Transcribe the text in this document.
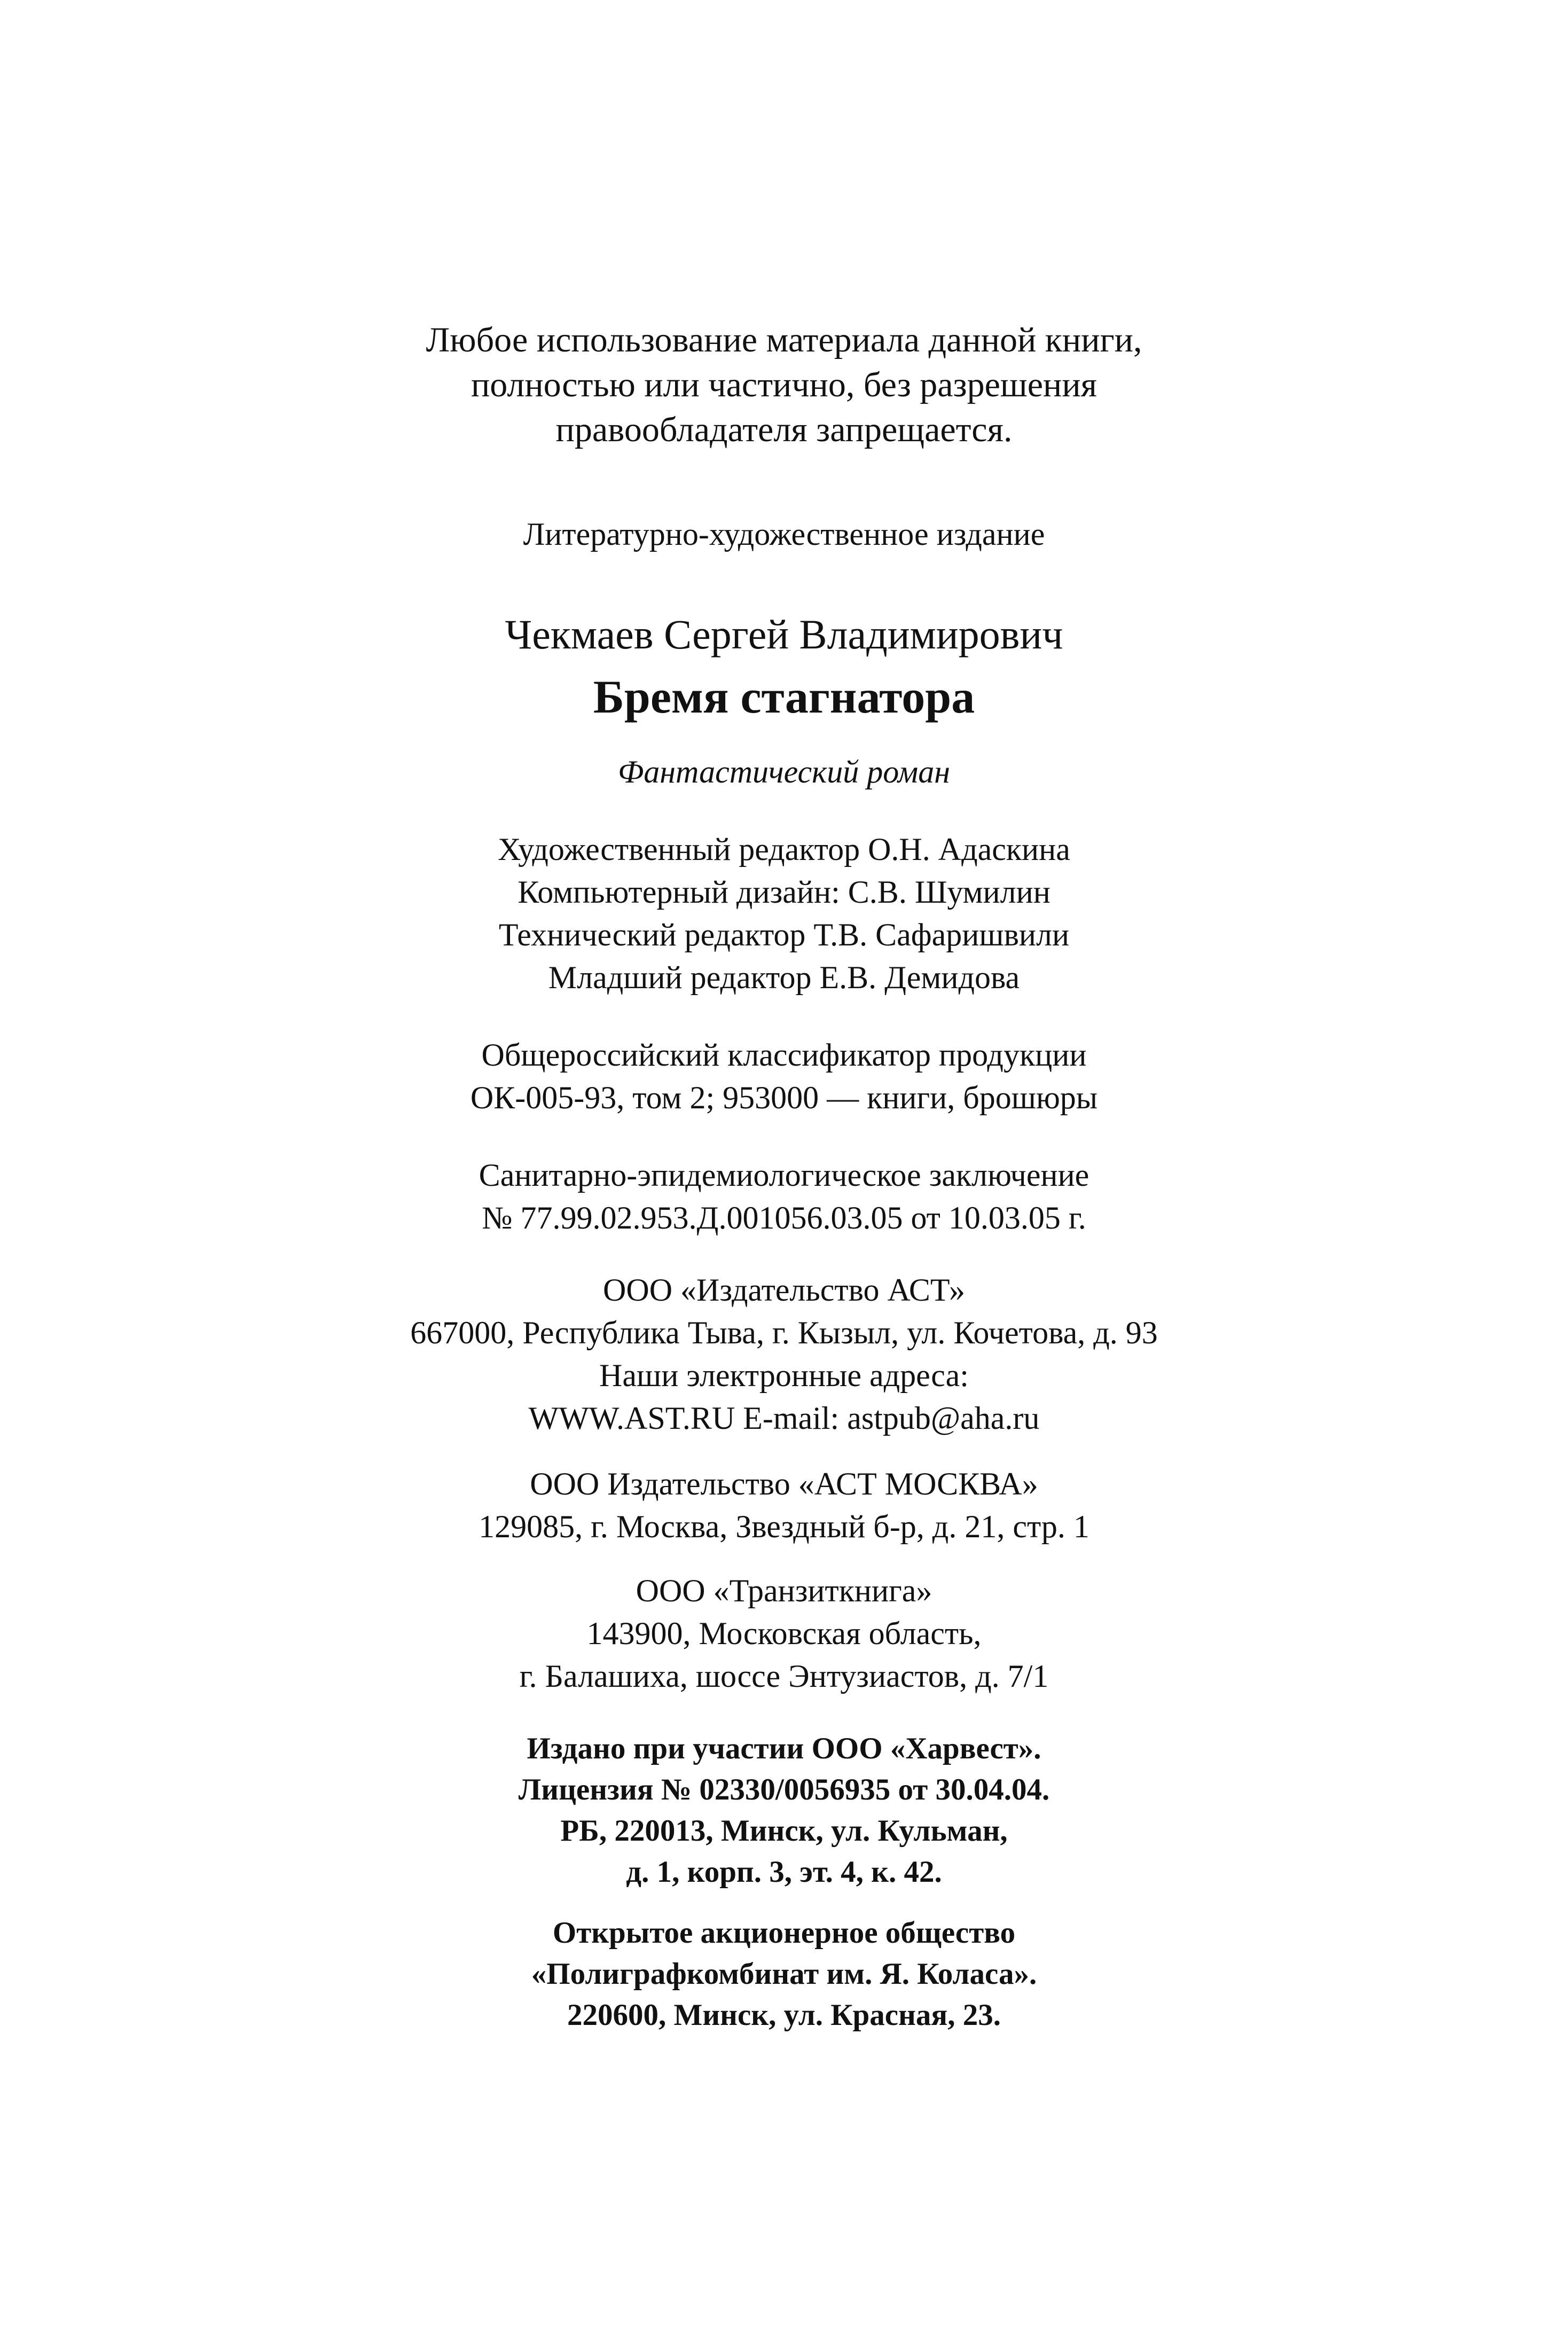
Любое использование материала данной книги,
полностью или частично, без разрешения
правообладателя запрещается.
Литературно-художественное издание
Чекмаев Сергей Владимирович
Бремя стагнатора
Фантастический роман
Художественный редактор О.Н. Адаскина
Компьютерный дизайн: С.В. Шумилин
Технический редактор Т.В. Сафаришвили
Младший редактор Е.В. Демидова
Общероссийский классификатор продукции
ОК-005-93, том 2; 953000 — книги, брошюры
Санитарно-эпидемиологическое заключение
№ 77.99.02.953.Д.001056.03.05 от 10.03.05 г.
ООО «Издательство АСТ»
667000, Республика Тыва, г. Кызыл, ул. Кочетова, д. 93
Наши электронные адреса:
WWW.AST.RU E-mail: astpub@aha.ru
ООО Издательство «АСТ МОСКВА»
129085, г. Москва, Звездный б-р, д. 21, стр. 1
ООО «Транзиткнига»
143900, Московская область,
г. Балашиха, шоссе Энтузиастов, д. 7/1
Издано при участии ООО «Харвест».
Лицензия № 02330/0056935 от 30.04.04.
РБ, 220013, Минск, ул. Кульман,
д. 1, корп. 3, эт. 4, к. 42.
Открытое акционерное общество
«Полиграфкомбинат им. Я. Коласа».
220600, Минск, ул. Красная, 23.
